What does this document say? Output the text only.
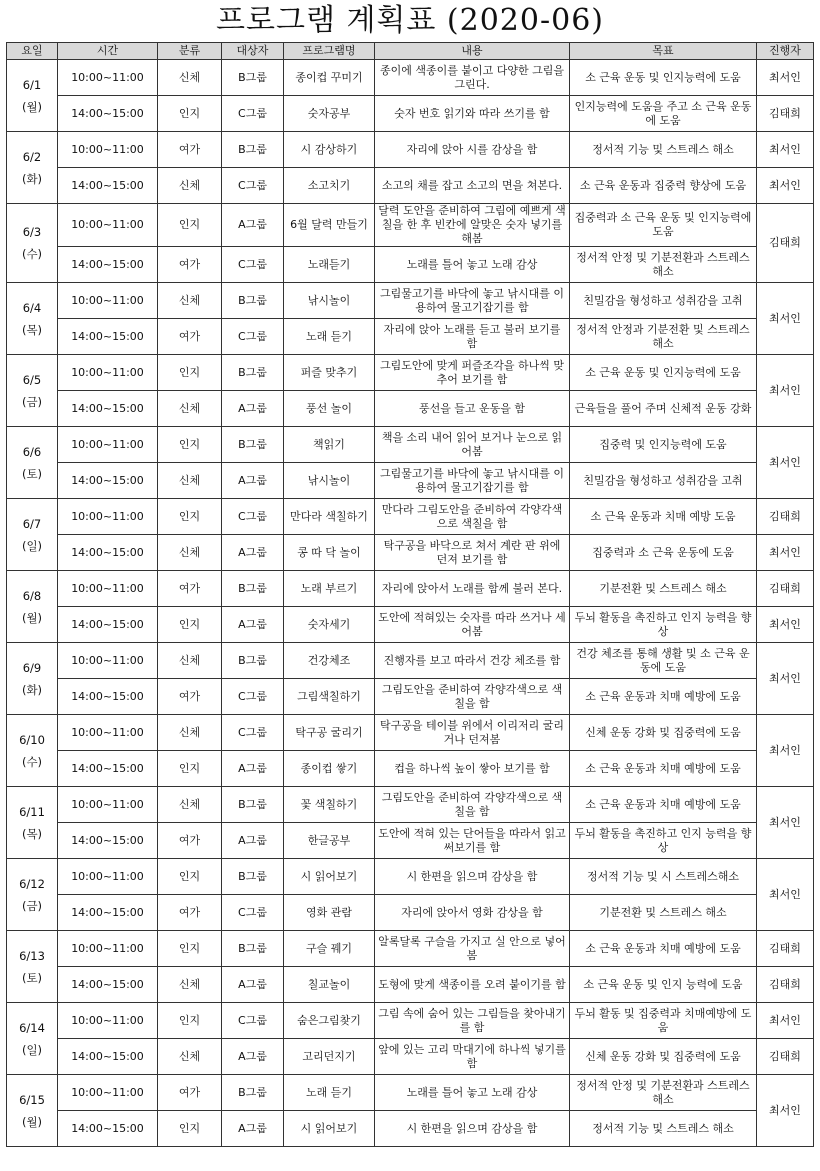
프로그램 계획표 (2020-06)
요일	시간	분류	대상자	프로그램명	내용	목표	진행자

6/1
(월)	10:00~11:00	신체	B그룹	종이컵 꾸미기	종이에 색종이를 붙이고 다양한 그림을 그린다.	소 근육 운동 및 인지능력에 도움	최서인
	14:00~15:00	인지	C그룹	숫자공부	숫자 번호 읽기와 따라 쓰기를 함	인지능력에 도움을 주고 소 근육 운동에 도움	김태희

6/2
(화)	10:00~11:00	여가	B그룹	시 감상하기	자리에 앉아 시를 감상을 함	정서적 기능 및 스트레스 해소	최서인
	14:00~15:00	신체	C그룹	소고치기	소고의 채를 잡고 소고의 면을 쳐본다.	소 근육 운동과 집중력 향상에 도움	최서인

6/3
(수)	10:00~11:00	인지	A그룹	6월 달력 만들기	달력 도안을 준비하여 그림에 예쁘게 색칠을 한 후 빈칸에 알맞은 숫자 넣기를 해봄	집중력과 소 근육 운동 및 인지능력에 도움	김태희
	14:00~15:00	여가	C그룹	노래듣기	노래를 틀어 놓고 노래 감상	정서적 안정 및 기분전환과 스트레스 해소	

6/4
(목)	10:00~11:00	신체	B그룹	낚시놀이	그림물고기를 바닥에 놓고 낚시대를 이용하여 물고기잡기를 함	친밀감을 형성하고 성취감을 고취	최서인
	14:00~15:00	여가	C그룹	노래 듣기	자리에 앉아 노래를 듣고 불러 보기를 함	정서적 안정과 기분전환 및 스트레스 해소	

6/5
(금)	10:00~11:00	인지	B그룹	퍼즐 맞추기	그림도안에 맞게 퍼즐조각을 하나씩 맞추어 보기를 함	소 근육 운동 및 인지능력에 도움	최서인
	14:00~15:00	신체	A그룹	풍선 놀이	풍선을 들고 운동을 함	근육들을 풀어 주며 신체적 운동 강화	

6/6
(토)	10:00~11:00	인지	B그룹	책읽기	책을 소리 내어 읽어 보거나 눈으로 읽어봄	집중력 및 인지능력에 도움	최서인
	14:00~15:00	신체	A그룹	낚시놀이	그림물고기를 바닥에 놓고 낚시대를 이용하여 물고기잡기를 함	친밀감을 형성하고 성취감을 고취	

6/7
(일)	10:00~11:00	인지	C그룹	만다라 색칠하기	만다라 그림도안을 준비하여 각양각색으로 색칠을 함	소 근육 운동과 치매 예방 도움	김태희
	14:00~15:00	신체	A그룹	콩 따 닥 놀이	탁구공을 바닥으로 쳐서 계란 판 위에 던져 보기를 함	집중력과 소 근육 운동에 도움	최서인

6/8
(월)	10:00~11:00	여가	B그룹	노래 부르기	자리에 앉아서 노래를 함께 불러 본다.	기분전환 및 스트레스 해소	김태희
	14:00~15:00	인지	A그룹	숫자세기	도안에 적혀있는 숫자를 따라 쓰거나 세어봄	두뇌 활동을 촉진하고 인지 능력을 향상	최서인

6/9
(화)	10:00~11:00	신체	B그룹	건강체조	진행자를 보고 따라서 건강 체조를 함	건강 체조를 통해 생활 및 소 근육 운동에 도움	최서인
	14:00~15:00	여가	C그룹	그림색칠하기	그림도안을 준비하여 각양각색으로 색칠을 함	소 근육 운동과 치매 예방에 도움	

6/10
(수)	10:00~11:00	신체	C그룹	탁구공 굴리기	탁구공을 테이블 위에서 이리저리 굴리거나 던져봄	신체 운동 강화 및 집중력에 도움	최서인
	14:00~15:00	인지	A그룹	종이컵 쌓기	컵을 하나씩 높이 쌓아 보기를 함	소 근육 운동과 치매 예방에 도움	

6/11
(목)	10:00~11:00	신체	B그룹	꽃 색칠하기	그림도안을 준비하여 각양각색으로 색칠을 함	소 근육 운동과 치매 예방에 도움	최서인
	14:00~15:00	여가	A그룹	한글공부	도안에 적혀 있는 단어들을 따라서 읽고 써보기를 함	두뇌 활동을 촉진하고 인지 능력을 향상	

6/12
(금)	10:00~11:00	인지	B그룹	시 읽어보기	시 한편을 읽으며 감상을 함	정서적 기능 및 시 스트레스해소	최서인
	14:00~15:00	여가	C그룹	영화 관람	자리에 앉아서 영화 감상을 함	기분전환 및 스트레스 해소	

6/13
(토)	10:00~11:00	인지	B그룹	구슬 꿰기	알록달록 구슬을 가지고 실 안으로 넣어 봄	소 근육 운동과 치매 예방에 도움	김태희
	14:00~15:00	신체	A그룹	칠교놀이	도형에 맞게 색종이를 오려 붙이기를 함	소 근육 운동 및 인지 능력에 도움	김태희

6/14
(일)	10:00~11:00	인지	C그룹	숨은그림찾기	그림 속에 숨어 있는 그림들을 찾아내기를 함	두뇌 활동 및 집중력과 치매예방에 도움	최서인
	14:00~15:00	신체	A그룹	고리던지기	앞에 있는 고리 막대기에 하나씩 넣기를 함	신체 운동 강화 및 집중력에 도움	김태희

6/15
(월)	10:00~11:00	여가	B그룹	노래 듣기	노래를 틀어 놓고 노래 감상	정서적 안정 및 기분전환과 스트레스 해소	최서인
	14:00~15:00	인지	A그룹	시 읽어보기	시 한편을 읽으며 감상을 함	정서적 기능 및 스트레스 해소	
